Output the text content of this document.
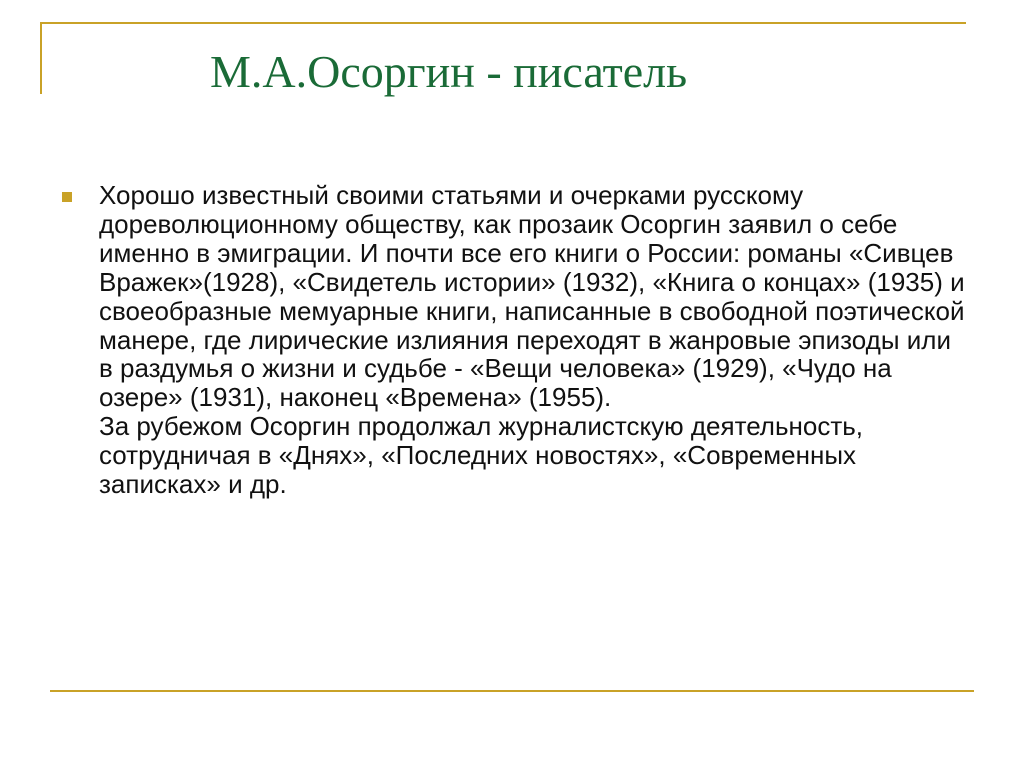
М.А.Осоргин - писатель

Хорошо известный своими статьями и очерками русскому дореволюционному обществу, как прозаик Осоргин заявил о себе именно в эмиграции. И почти все его книги о России: романы «Сивцев Вражек»(1928), «Свидетель истории» (1932), «Книга о концах» (1935) и своеобразные мемуарные книги, написанные в свободной поэтической манере, где лирические излияния переходят в жанровые эпизоды или в раздумья о жизни и судьбе - «Вещи человека» (1929), «Чудо на озере» (1931), наконец «Времена» (1955).

За рубежом Осоргин продолжал журналистскую деятельность, сотрудничая в «Днях», «Последних новостях», «Современных записках» и др.
